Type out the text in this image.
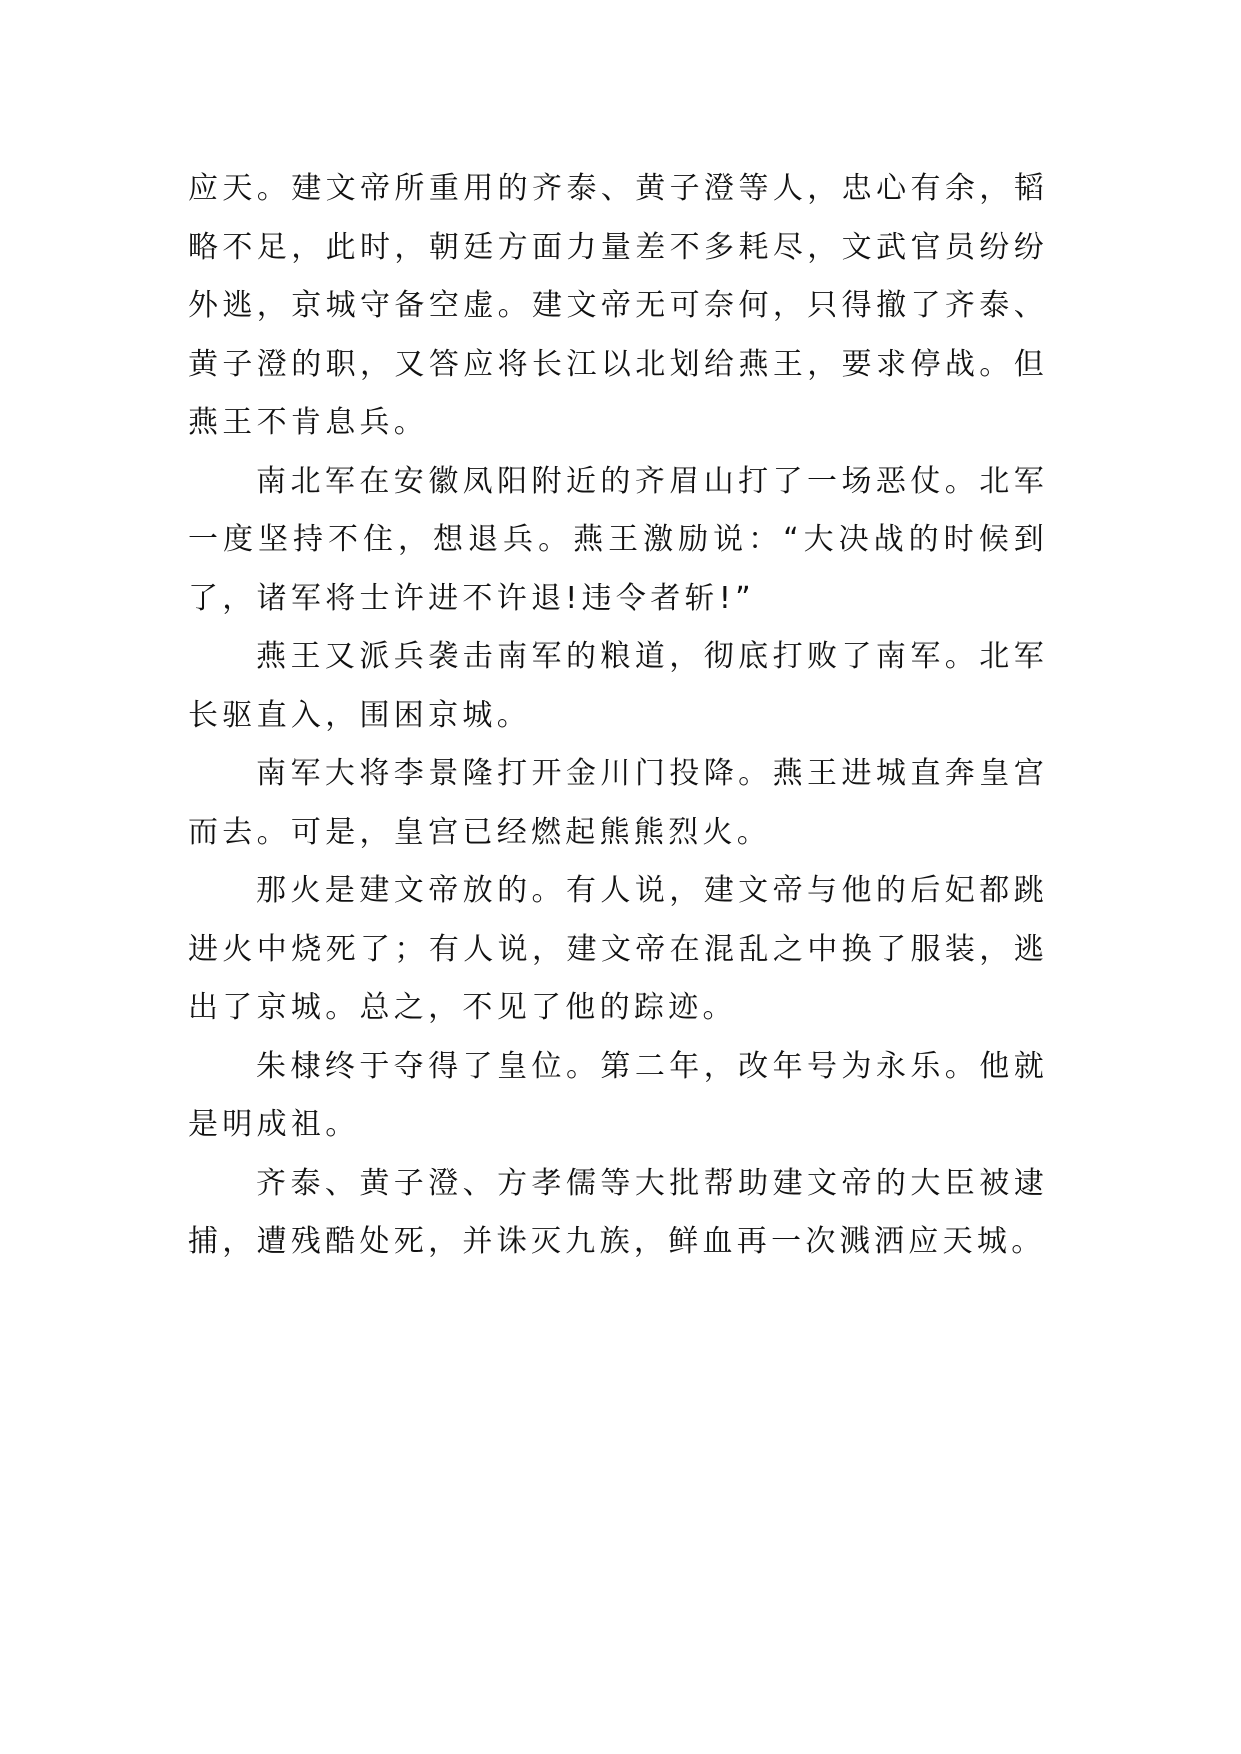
应天。建文帝所重用的齐泰、黄子澄等人，忠心有余，韬略不足，此时，朝廷方面力量差不多耗尽，文武官员纷纷外逃，京城守备空虚。建文帝无可奈何，只得撤了齐泰、黄子澄的职，又答应将长江以北划给燕王，要求停战。但燕王不肯息兵。

南北军在安徽凤阳附近的齐眉山打了一场恶仗。北军一度坚持不住，想退兵。燕王激励说：“大决战的时候到了，诸军将士许进不许退!违令者斩!”

燕王又派兵袭击南军的粮道，彻底打败了南军。北军长驱直入，围困京城。

南军大将李景隆打开金川门投降。燕王进城直奔皇宫而去。可是，皇宫已经燃起熊熊烈火。

那火是建文帝放的。有人说，建文帝与他的后妃都跳进火中烧死了；有人说，建文帝在混乱之中换了服装，逃出了京城。总之，不见了他的踪迹。

朱棣终于夺得了皇位。第二年，改年号为永乐。他就是明成祖。

齐泰、黄子澄、方孝儒等大批帮助建文帝的大臣被逮捕，遭残酷处死，并诛灭九族，鲜血再一次溅洒应天城。
